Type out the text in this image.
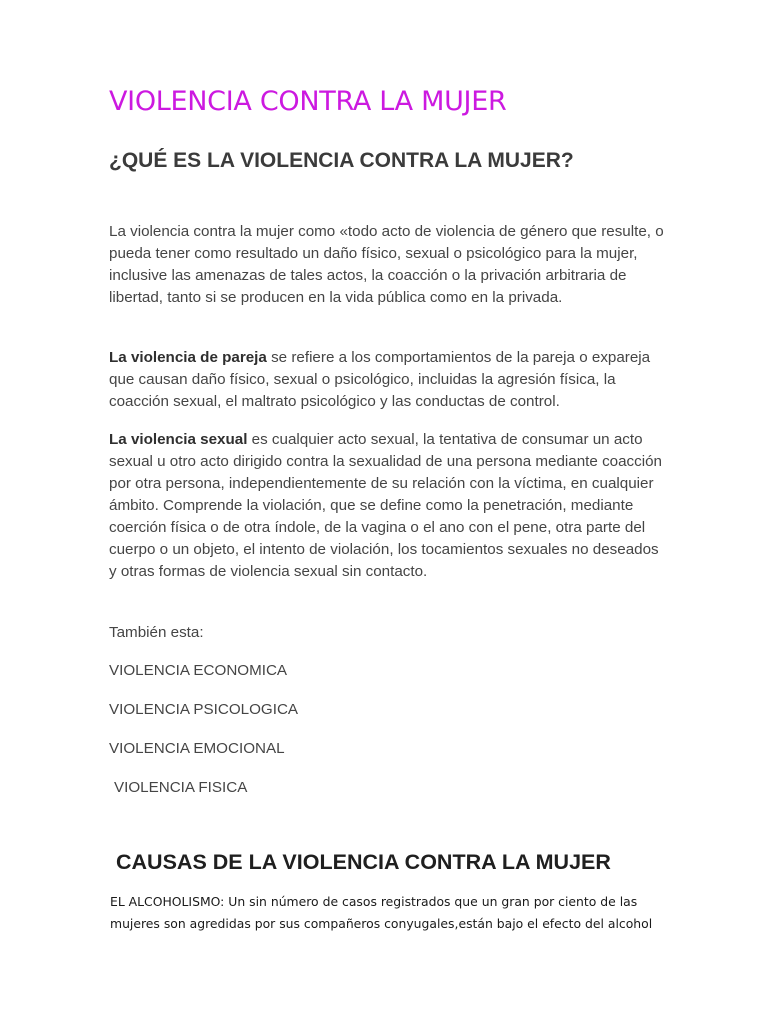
VIOLENCIA CONTRA LA MUJER
¿QUÉ ES LA VIOLENCIA CONTRA LA MUJER?

La violencia contra la mujer como «todo acto de violencia de género que resulte, o pueda tener como resultado un daño físico, sexual o psicológico para la mujer, inclusive las amenazas de tales actos, la coacción o la privación arbitraria de libertad, tanto si se producen en la vida pública como en la privada.

La violencia de pareja se refiere a los comportamientos de la pareja o expareja que causan daño físico, sexual o psicológico, incluidas la agresión física, la coacción sexual, el maltrato psicológico y las conductas de control.

La violencia sexual es cualquier acto sexual, la tentativa de consumar un acto sexual u otro acto dirigido contra la sexualidad de una persona mediante coacción por otra persona, independientemente de su relación con la víctima, en cualquier ámbito. Comprende la violación, que se define como la penetración, mediante coerción física o de otra índole, de la vagina o el ano con el pene, otra parte del cuerpo o un objeto, el intento de violación, los tocamientos sexuales no deseados y otras formas de violencia sexual sin contacto.

También esta:

VIOLENCIA ECONOMICA

VIOLENCIA PSICOLOGICA

VIOLENCIA EMOCIONAL

VIOLENCIA FISICA

CAUSAS DE LA VIOLENCIA CONTRA LA MUJER

EL ALCOHOLISMO: Un sin número de casos registrados que un gran por ciento de las mujeres son agredidas por sus compañeros conyugales,están bajo el efecto del alcohol
